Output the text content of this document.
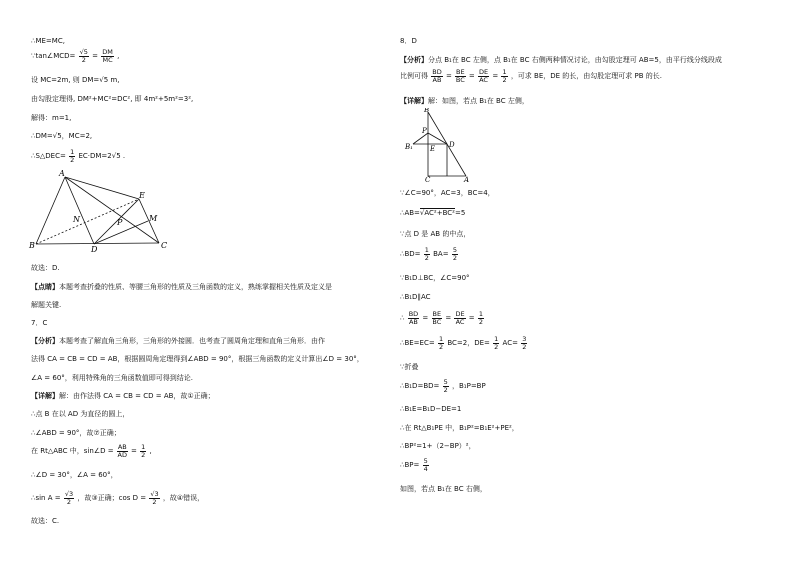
∴ME=MC,
∵tan∠MCD= $\frac{√5}{2} = \frac{DM}{MC}$ ,
设 MC=2m, 则 DM=√5 m,
由勾股定理得, DM²+MC²=DC², 即 4m²+5m²=3²,
解得：m=1,
∴DM=√5，MC=2,
∴S△DEC= $\frac{1}{2} EC\cdot DM=2√5$ .
A
E
M
N	P
B	D	C
故选：D.
【点睛】本题考查折叠的性质、等腰三角形的性质及三角函数的定义，熟练掌握相关性质及定义是
解题关键.
7．C
【分析】本题考查了解直角三角形，三角形的外接圆．也考查了圆周角定理和直角三角形．由作
法得 CA = CB = CD = AB，根据圆周角定理得到∠ABD = 90°，根据三角函数的定义计算出∠D = 30°，
∠A = 60°，利用特殊角的三角函数值即可得到结论.
【详解】解：由作法得 CA = CB = CD = AB，故①正确；
∴点 B 在以 AD 为直径的圆上，
∴∠ABD = 90°，故⑦正确；
在 Rt△ABC 中，sin∠D = $\frac{AB}{AD} = \frac{1}{2}$ ,
∴∠D = 30°，∠A = 60°，
∴sin $A = \frac{√3}{2}$ ，故③正确；$\cos D = \frac{√3}{2}$ ，故④错误，
故选：C.
8．D
【分析】分点 B₁在 BC 左侧，点 B₁在 BC 右侧两种情况讨论，由勾股定理可 AB=5，由平行线分线段成
比例可得 $\frac{BD}{AB} = \frac{BE}{BC} = \frac{DE}{AC} = \frac{1}{2}$ ，可求 BE，DE 的长，由勾股定理可求 PB 的长.
【详解】解：如图，若点 B₁在 BC 左侧，
B
P
B₁ E D
C	A
∵∠C=90°，AC=3，BC=4，
∴AB=√AC²+BC²=5
∵点 D 是 AB 的中点，
∴BD= $\frac{1}{2} BA= \frac{5}{2}$
∵B₁D⊥BC，∠C=90°
∴B₁D∥AC
∴ $\frac{BD}{AB} = \frac{BE}{BC} = \frac{DE}{AC} = \frac{1}{2}$
∴BE=EC= $\frac{1}{2} BC=2$，$DE= \frac{1}{2} AC= \frac{3}{2}$
∵折叠
∴B₁D=BD= $\frac{5}{2}$ ，B₁P=BP
∴B₁E=B₁D−DE=1
∴在 Rt△B₁PE 中，B₁P²=B₁E²+PE²，
∴BP²=1+（2−BP）²，
∴BP= $\frac{5}{4}$
如图，若点 B₁在 BC 右侧，
